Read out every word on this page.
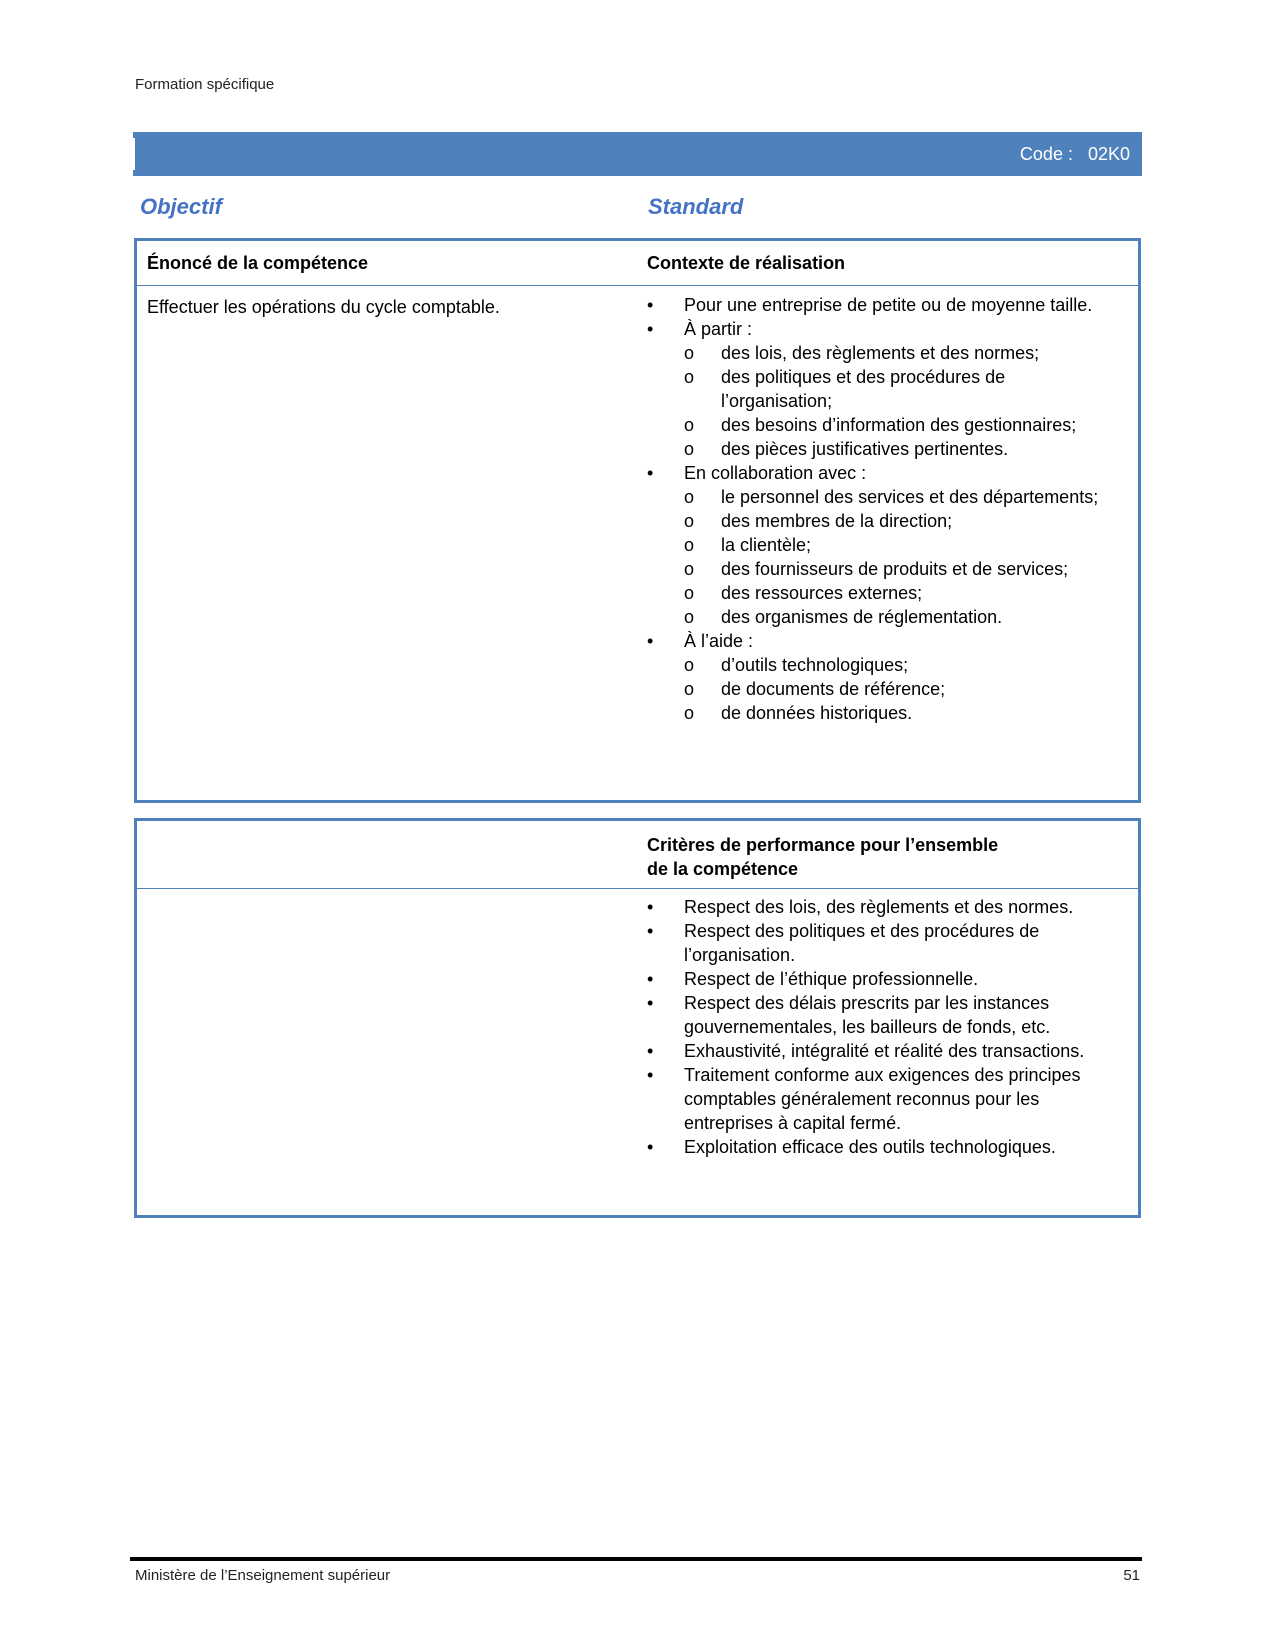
Formation spécifique
Code :   02K0
Objectif	Standard
Énoncé de la compétence	Contexte de réalisation
Effectuer les opérations du cycle comptable.	•	Pour une entreprise de petite ou de moyenne taille.
•	À partir :
o	des lois, des règlements et des normes;
o	des politiques et des procédures de l’organisation;
o	des besoins d’information des gestionnaires;
o	des pièces justificatives pertinentes.
•	En collaboration avec :
o	le personnel des services et des départements;
o	des membres de la direction;
o	la clientèle;
o	des fournisseurs de produits et de services;
o	des ressources externes;
o	des organismes de réglementation.
•	À l’aide :
o	d’outils technologiques;
o	de documents de référence;
o	de données historiques.
Critères de performance pour l’ensemble
de la compétence
•	Respect des lois, des règlements et des normes.
•	Respect des politiques et des procédures de l’organisation.
•	Respect de l’éthique professionnelle.
•	Respect des délais prescrits par les instances gouvernementales, les bailleurs de fonds, etc.
•	Exhaustivité, intégralité et réalité des transactions.
•	Traitement conforme aux exigences des principes comptables généralement reconnus pour les entreprises à capital fermé.
•	Exploitation efficace des outils technologiques.
Ministère de l’Enseignement supérieur	51
